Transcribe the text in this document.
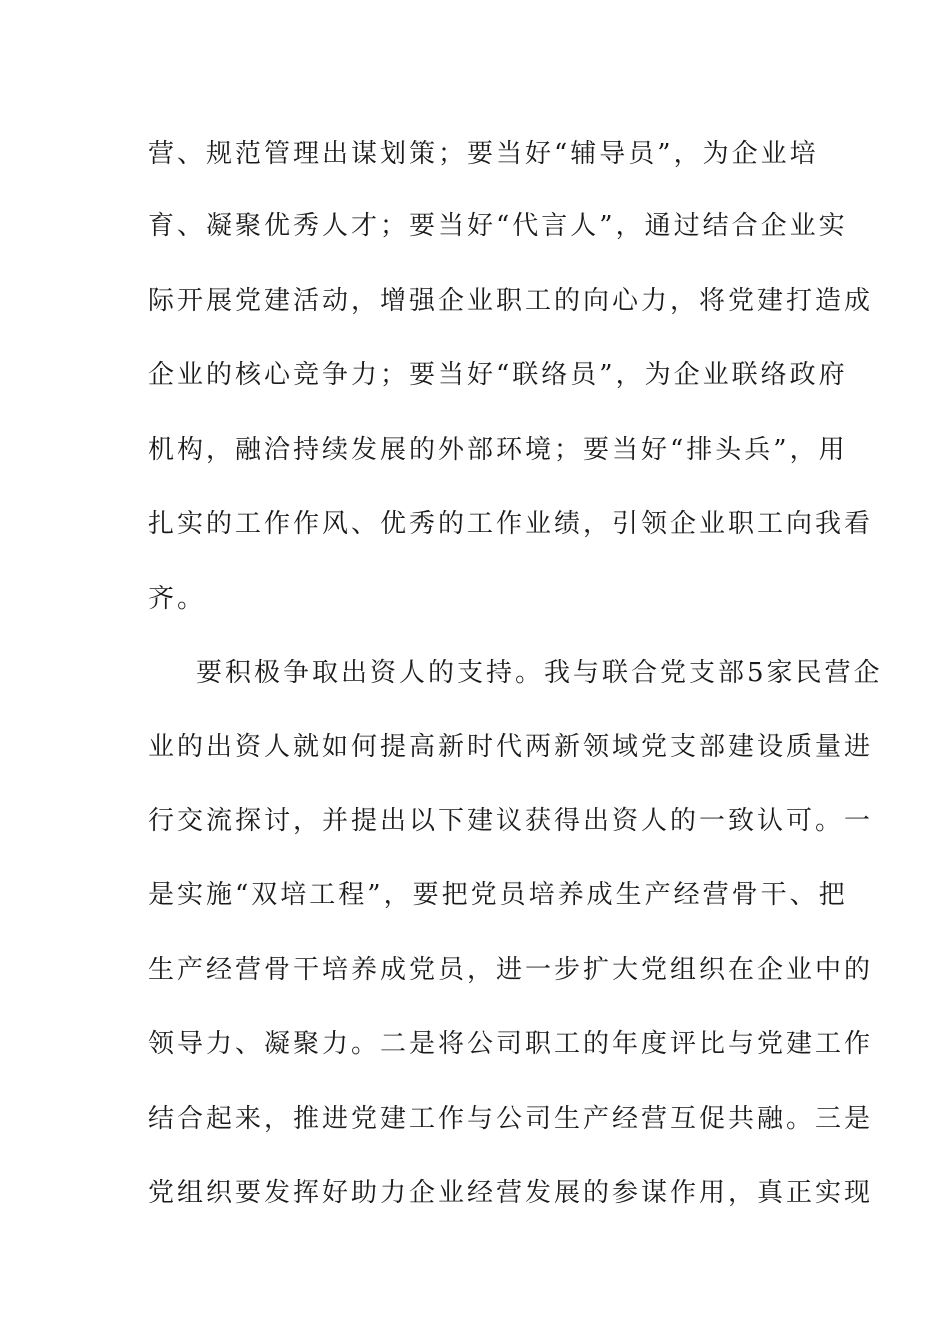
营、规范管理出谋划策；要当好“辅导员”，为企业培
育、凝聚优秀人才；要当好“代言人”，通过结合企业实
际开展党建活动，增强企业职工的向心力，将党建打造成
企业的核心竞争力；要当好“联络员”，为企业联络政府
机构，融洽持续发展的外部环境；要当好“排头兵”，用
扎实的工作作风、优秀的工作业绩，引领企业职工向我看
齐。
要积极争取出资人的支持。我与联合党支部5家民营企
业的出资人就如何提高新时代两新领域党支部建设质量进
行交流探讨，并提出以下建议获得出资人的一致认可。一
是实施“双培工程”，要把党员培养成生产经营骨干、把
生产经营骨干培养成党员，进一步扩大党组织在企业中的
领导力、凝聚力。二是将公司职工的年度评比与党建工作
结合起来，推进党建工作与公司生产经营互促共融。三是
党组织要发挥好助力企业经营发展的参谋作用，真正实现
